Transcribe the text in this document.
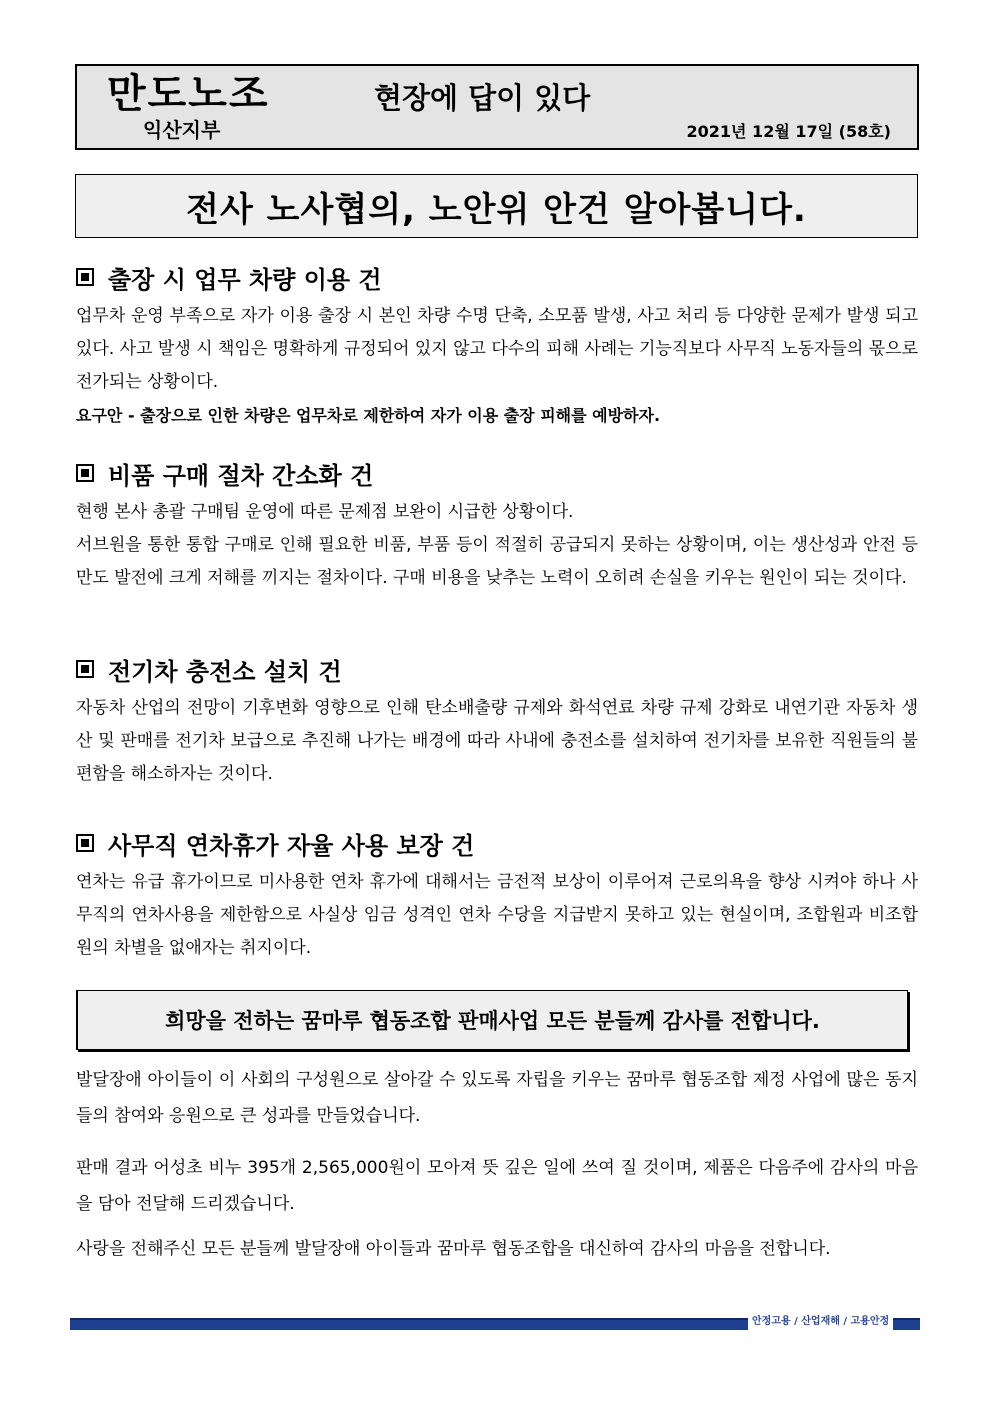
만도노조
익산지부
현장에 답이 있다
2021년 12월 17일 (58호)
전사 노사협의, 노안위 안건 알아봅니다.
출장 시 업무 차량 이용 건

업무차 운영 부족으로 자가 이용 출장 시 본인 차량 수명 단축, 소모품 발생, 사고 처리 등 다양한 문제가 발생 되고 있다. 사고 발생 시 책임은 명확하게 규정되어 있지 않고 다수의 피해 사례는 기능직보다 사무직 노동자들의 몫으로 전가되는 상황이다.

요구안 - 출장으로 인한 차량은 업무차로 제한하여 자가 이용 출장 피해를 예방하자.
비품 구매 절차 간소화 건

현행 본사 총괄 구매팀 운영에 따른 문제점 보완이 시급한 상황이다.

서브원을 통한 통합 구매로 인해 필요한 비품, 부품 등이 적절히 공급되지 못하는 상황이며, 이는 생산성과 안전 등 만도 발전에 크게 저해를 끼지는 절차이다. 구매 비용을 낮추는 노력이 오히려 손실을 키우는 원인이 되는 것이다.

전기차 충전소 설치 건

자동차 산업의 전망이 기후변화 영향으로 인해 탄소배출량 규제와 화석연료 차량 규제 강화로 내연기관 자동차 생산 및 판매를 전기차 보급으로 추진해 나가는 배경에 따라 사내에 충전소를 설치하여 전기차를 보유한 직원들의 불편함을 해소하자는 것이다.

사무직 연차휴가 자율 사용 보장 건

연차는 유급 휴가이므로 미사용한 연차 휴가에 대해서는 금전적 보상이 이루어져 근로의욕을 향상 시켜야 하나 사무직의 연차사용을 제한함으로 사실상 임금 성격인 연차 수당을 지급받지 못하고 있는 현실이며, 조합원과 비조합원의 차별을 없애자는 취지이다.

희망을 전하는 꿈마루 협동조합 판매사업 모든 분들께 감사를 전합니다.

발달장애 아이들이 이 사회의 구성원으로 살아갈 수 있도록 자립을 키우는 꿈마루 협동조합 제정 사업에 많은 동지들의 참여와 응원으로 큰 성과를 만들었습니다.

판매 결과 어성초 비누 395개 2,565,000원이 모아져 뜻 깊은 일에 쓰여 질 것이며, 제품은 다음주에 감사의 마음을 담아 전달해 드리겠습니다.

사랑을 전해주신 모든 분들께 발달장애 아이들과 꿈마루 협동조합을 대신하여 감사의 마음을 전합니다.

안정고용 / 산업재해 / 고용안정
